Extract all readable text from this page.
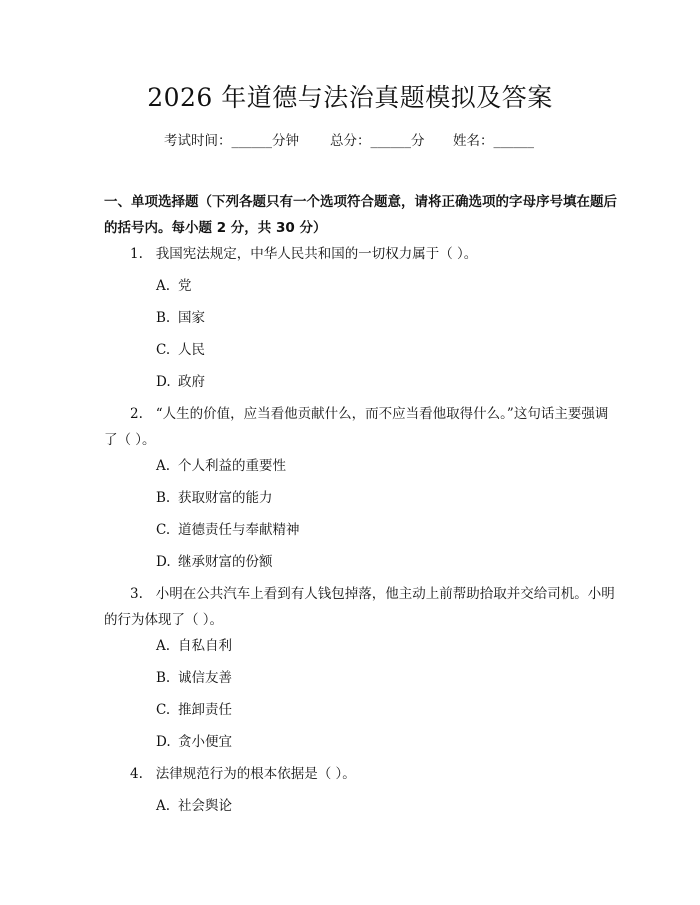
2026 年道德与法治真题模拟及答案
考试时间：______分钟 总分：______分 姓名：______
一、单项选择题（下列各题只有一个选项符合题意，请将正确选项的字母序号填在题后的括号内。每小题 2 分，共 30 分）
1. 我国宪法规定，中华人民共和国的一切权力属于（ ）。
A. 党
B. 国家
C. 人民
D. 政府
2. “人生的价值，应当看他贡献什么，而不应当看他取得什么。”这句话主要强调了（ ）。
A. 个人利益的重要性
B. 获取财富的能力
C. 道德责任与奉献精神
D. 继承财富的份额
3. 小明在公共汽车上看到有人钱包掉落，他主动上前帮助拾取并交给司机。小明的行为体现了（ ）。
A. 自私自利
B. 诚信友善
C. 推卸责任
D. 贪小便宜
4. 法律规范行为的根本依据是（ ）。
A. 社会舆论
